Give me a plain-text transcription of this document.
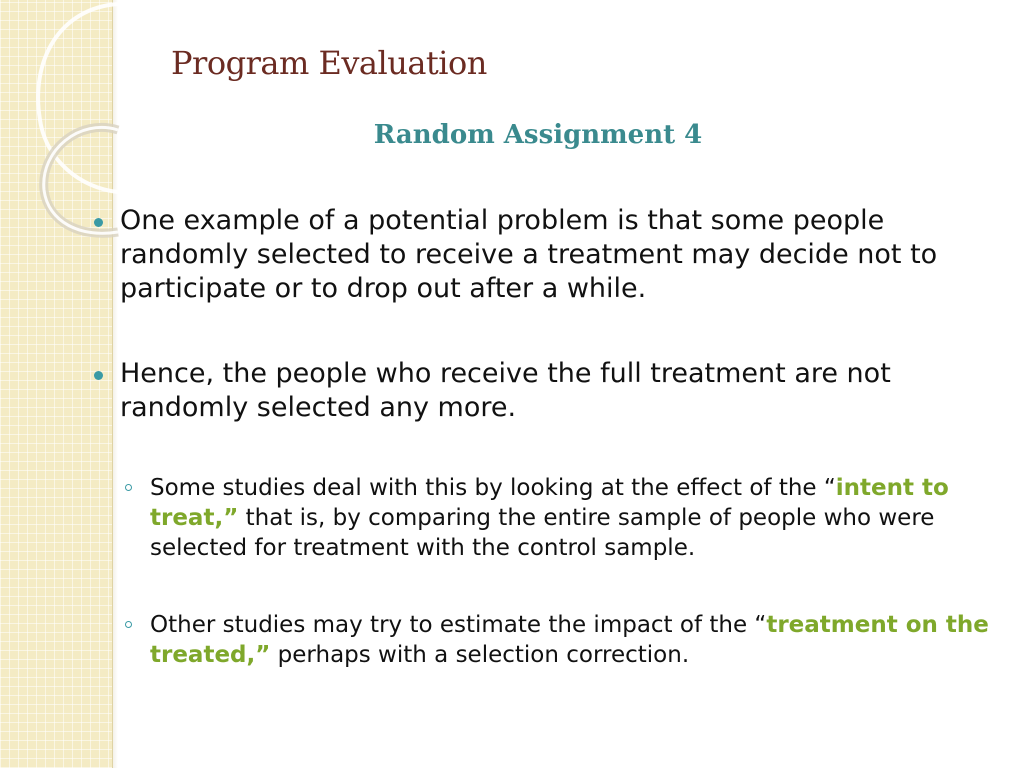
Program Evaluation
Random Assignment 4

One example of a potential problem is that some people randomly selected to receive a treatment may decide not to participate or to drop out after a while.

Hence, the people who receive the full treatment are not randomly selected any more.

Some studies deal with this by looking at the effect of the “intent to treat,” that is, by comparing the entire sample of people who were selected for treatment with the control sample.

Other studies may try to estimate the impact of the “treatment on the treated,” perhaps with a selection correction.
